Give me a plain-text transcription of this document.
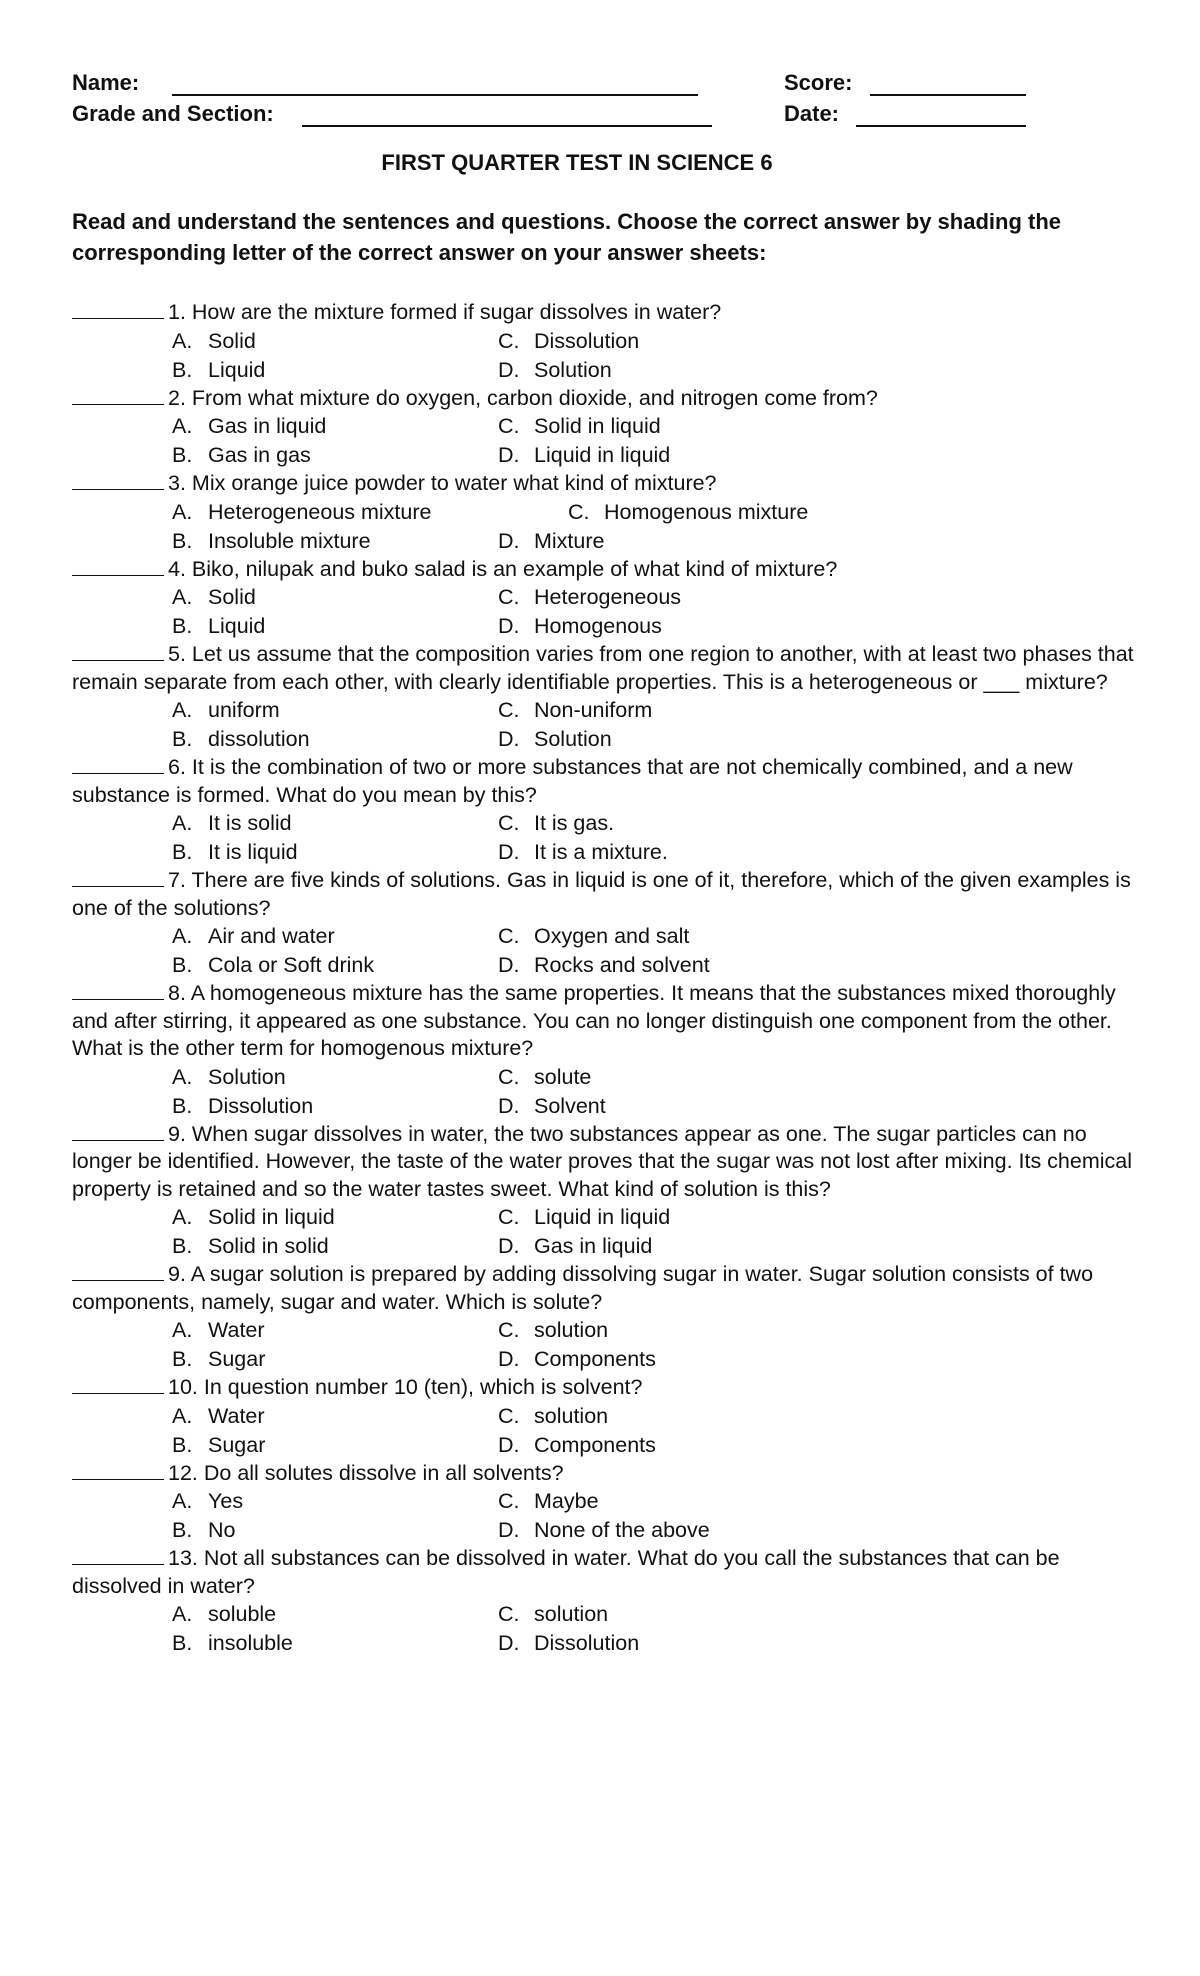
Name:	Score:
Grade and Section:	Date:
FIRST QUARTER TEST IN SCIENCE 6
Read and understand the sentences and questions. Choose the correct answer by shading the corresponding letter of the correct answer on your answer sheets:
1. How are the mixture formed if sugar dissolves in water?
A. Solid	C. Dissolution
B. Liquid	D. Solution
2. From what mixture do oxygen, carbon dioxide, and nitrogen come from?
A. Gas in liquid	C. Solid in liquid
B. Gas in gas	D. Liquid in liquid
3. Mix orange juice powder to water what kind of mixture?
A. Heterogeneous mixture	C. Homogenous mixture
B. Insoluble mixture	D. Mixture
4. Biko, nilupak and buko salad is an example of what kind of mixture?
A. Solid	C. Heterogeneous
B. Liquid	D. Homogenous
5. Let us assume that the composition varies from one region to another, with at least two phases that remain separate from each other, with clearly identifiable properties. This is a heterogeneous or ___ mixture?
A. uniform	C. Non-uniform
B. dissolution	D. Solution
6. It is the combination of two or more substances that are not chemically combined, and a new substance is formed. What do you mean by this?
A. It is solid	C. It is gas.
B. It is liquid	D. It is a mixture.
7. There are five kinds of solutions. Gas in liquid is one of it, therefore, which of the given examples is one of the solutions?
A. Air and water	C. Oxygen and salt
B. Cola or Soft drink	D. Rocks and solvent
8. A homogeneous mixture has the same properties. It means that the substances mixed thoroughly and after stirring, it appeared as one substance. You can no longer distinguish one component from the other. What is the other term for homogenous mixture?
A. Solution	C. solute
B. Dissolution	D. Solvent
9. When sugar dissolves in water, the two substances appear as one. The sugar particles can no longer be identified. However, the taste of the water proves that the sugar was not lost after mixing. Its chemical property is retained and so the water tastes sweet. What kind of solution is this?
A. Solid in liquid	C. Liquid in liquid
B. Solid in solid	D. Gas in liquid
9. A sugar solution is prepared by adding dissolving sugar in water. Sugar solution consists of two components, namely, sugar and water. Which is solute?
A. Water	C. solution
B. Sugar	D. Components
10. In question number 10 (ten), which is solvent?
A. Water	C. solution
B. Sugar	D. Components
12. Do all solutes dissolve in all solvents?
A. Yes	C. Maybe
B. No	D. None of the above
13. Not all substances can be dissolved in water. What do you call the substances that can be dissolved in water?
A. soluble	C. solution
B. insoluble	D. Dissolution
